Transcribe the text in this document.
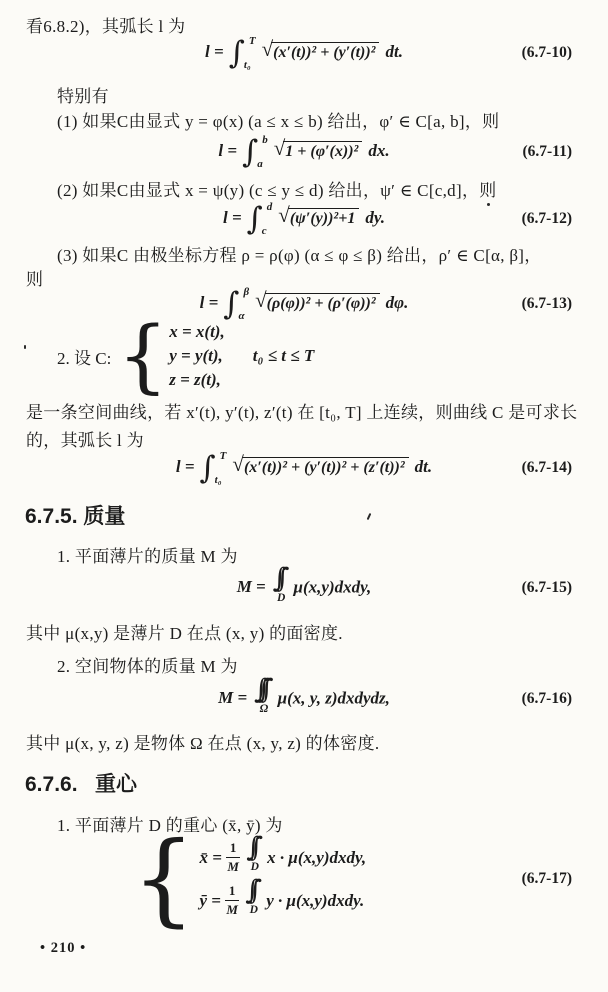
看6.8.2)，其弧长 l 为
l = ∫ T
t₀
√(x′(t))² + (y′(t))² dt.	(6.7-10)
特别有
(1) 如果C由显式 y = φ(x) (a ≤ x ≤ b) 给出，φ′ ∈ C[a, b]，则
l = ∫ b
a
√1 + (φ′(x))² dx.	(6.7-11)
(2) 如果C由显式 x = ψ(y) (c ≤ y ≤ d) 给出，ψ′ ∈ C[c,d]，则
l = ∫ d
c
√(ψ′(y))²+1 dy.	(6.7-12)
(3) 如果C 由极坐标方程 ρ = ρ(φ) (α ≤ φ ≤ β) 给出，ρ′ ∈ C[α, β]，
则
l = ∫ β
α
√(ρ(φ))² + (ρ′(φ))² dφ.	(6.7-13)
2. 设 C: { x = x(t),
y = y(t), t₀ ≤ t ≤ T
z = z(t),
是一条空间曲线，若 x′(t), y′(t), z′(t) 在 [t₀, T] 上连续，则曲线 C 是可求长
的，其弧长 l 为
l = ∫ T
t₀
√(x′(t))² + (y′(t))² + (z′(t))² dt.	(6.7-14)
6.7.5. 质量
1. 平面薄片的质量 M 为
M = ∫∫
D
μ(x,y)dxdy,	(6.7-15)
其中 μ(x,y) 是薄片 D 在点 (x, y) 的面密度.
2. 空间物体的质量 M 为
M = ∫∫∫
Ω
μ(x, y, z)dxdydz,	(6.7-16)
其中 μ(x, y, z) 是物体 Ω 在点 (x, y, z) 的体密度.
6.7.6.   重心
1. 平面薄片 D 的重心 (x̄, ȳ) 为
{ x̄ = $\frac{1}{M}$ ∫∫
D
x · μ(x,y)dxdy,
ȳ = $\frac{1}{M}$ ∫∫
D
y · μ(x,y)dxdy.
(6.7-17)
• 210 •
